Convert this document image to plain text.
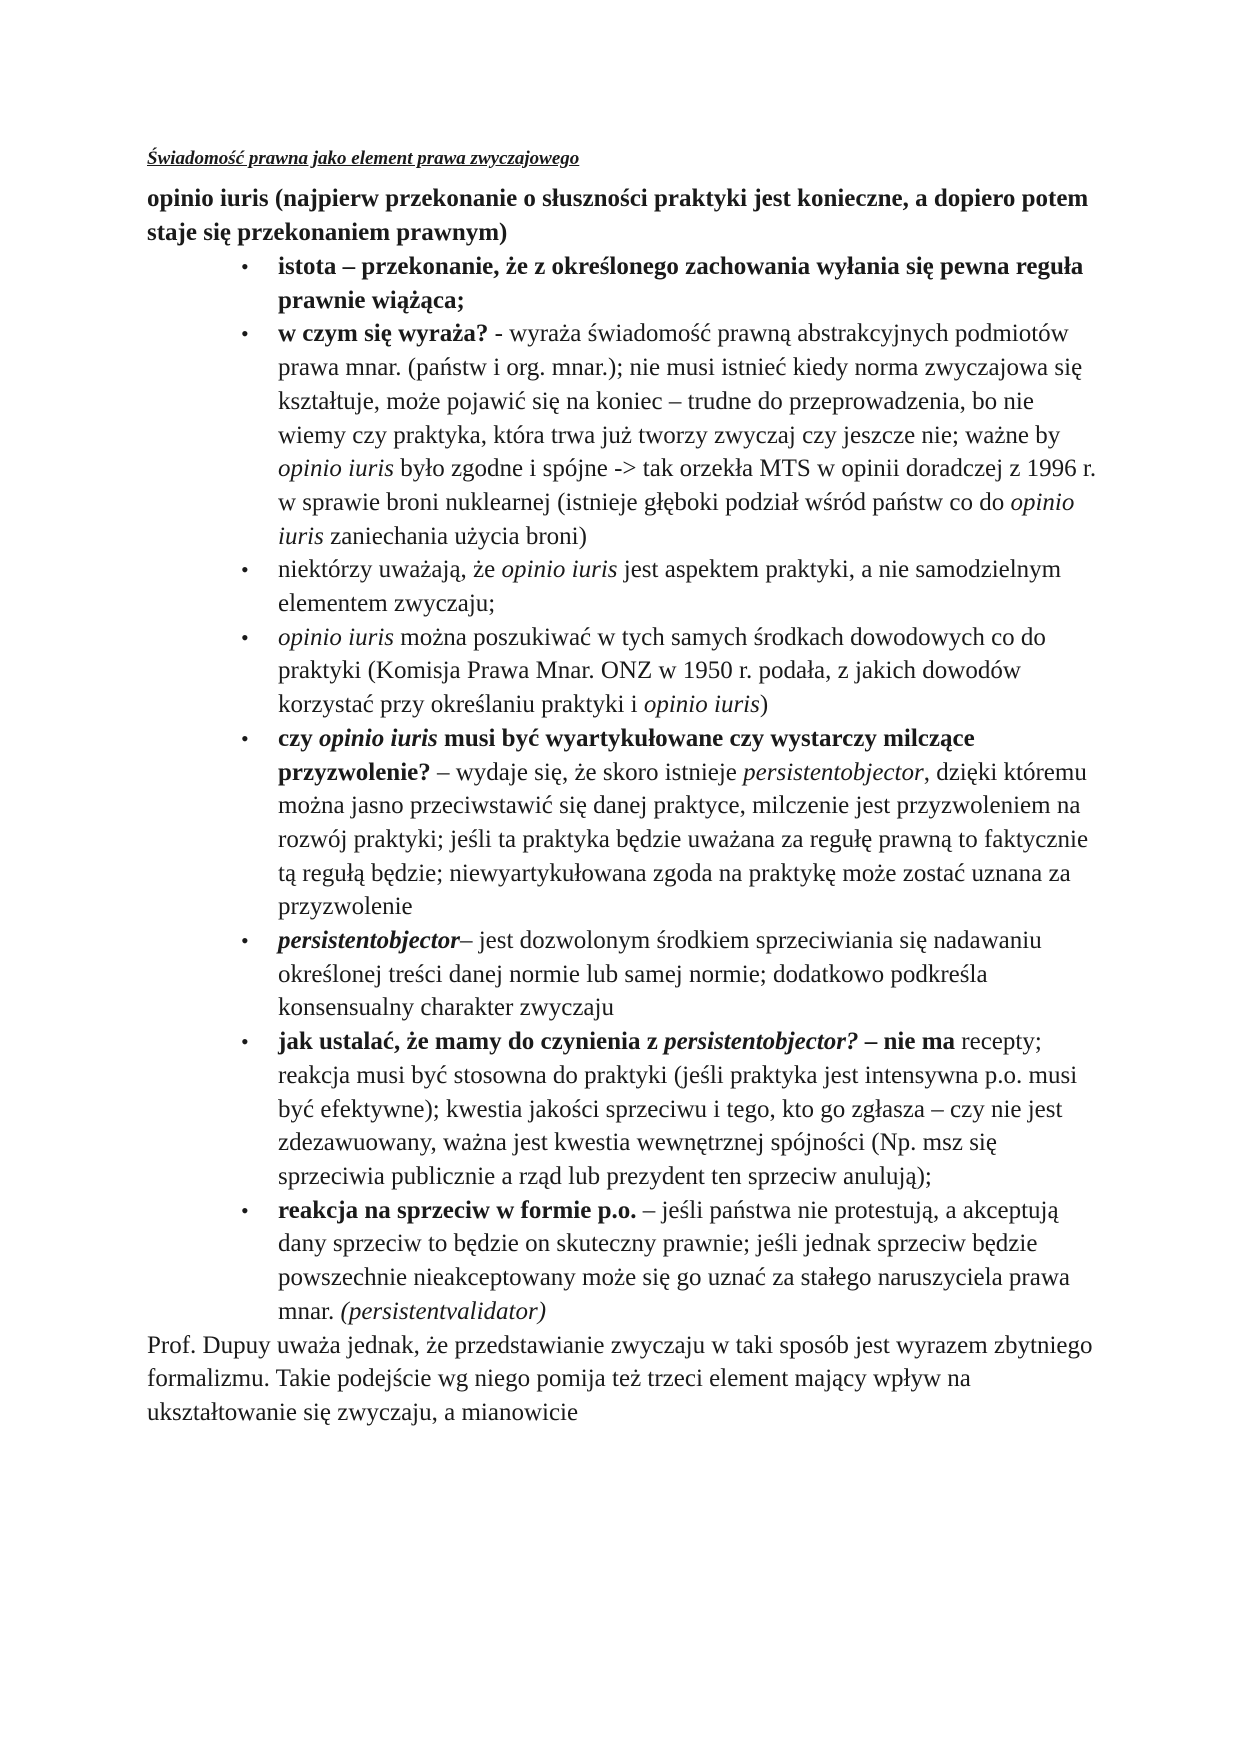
Świadomość prawna jako element prawa zwyczajowego

opinio iuris (najpierw przekonanie o słuszności praktyki jest konieczne, a dopiero potem staje się przekonaniem prawnym)

• istota – przekonanie, że z określonego zachowania wyłania się pewna reguła prawnie wiążąca;
• w czym się wyraża? - wyraża świadomość prawną abstrakcyjnych podmiotów prawa mnar. (państw i org. mnar.); nie musi istnieć kiedy norma zwyczajowa się kształtuje, może pojawić się na koniec – trudne do przeprowadzenia, bo nie wiemy czy praktyka, która trwa już tworzy zwyczaj czy jeszcze nie; ważne by opinio iuris było zgodne i spójne -> tak orzekła MTS w opinii doradczej z 1996 r. w sprawie broni nuklearnej (istnieje głęboki podział wśród państw co do opinio iuris zaniechania użycia broni)
• niektórzy uważają, że opinio iuris jest aspektem praktyki, a nie samodzielnym elementem zwyczaju;
• opinio iuris można poszukiwać w tych samych środkach dowodowych co do praktyki (Komisja Prawa Mnar. ONZ w 1950 r. podała, z jakich dowodów korzystać przy określaniu praktyki i opinio iuris)
• czy opinio iuris musi być wyartykułowane czy wystarczy milczące przyzwolenie? – wydaje się, że skoro istnieje persistentobjector, dzięki któremu można jasno przeciwstawić się danej praktyce, milczenie jest przyzwoleniem na rozwój praktyki; jeśli ta praktyka będzie uważana za regułę prawną to faktycznie tą regułą będzie; niewyartykułowana zgoda na praktykę może zostać uznana za przyzwolenie
• persistentobjector– jest dozwolonym środkiem sprzeciwiania się nadawaniu określonej treści danej normie lub samej normie; dodatkowo podkreśla konsensualny charakter zwyczaju
• jak ustalać, że mamy do czynienia z persistentobjector? – nie ma recepty; reakcja musi być stosowna do praktyki (jeśli praktyka jest intensywna p.o. musi być efektywne); kwestia jakości sprzeciwu i tego, kto go zgłasza – czy nie jest zdezawuowany, ważna jest kwestia wewnętrznej spójności (Np. msz się sprzeciwia publicznie a rząd lub prezydent ten sprzeciw anulują);
• reakcja na sprzeciw w formie p.o. – jeśli państwa nie protestują, a akceptują dany sprzeciw to będzie on skuteczny prawnie; jeśli jednak sprzeciw będzie powszechnie nieakceptowany może się go uznać za stałego naruszyciela prawa mnar. (persistentvalidator)

Prof. Dupuy uważa jednak, że przedstawianie zwyczaju w taki sposób jest wyrazem zbytniego formalizmu. Takie podejście wg niego pomija też trzeci element mający wpływ na ukształtowanie się zwyczaju, a mianowicie
